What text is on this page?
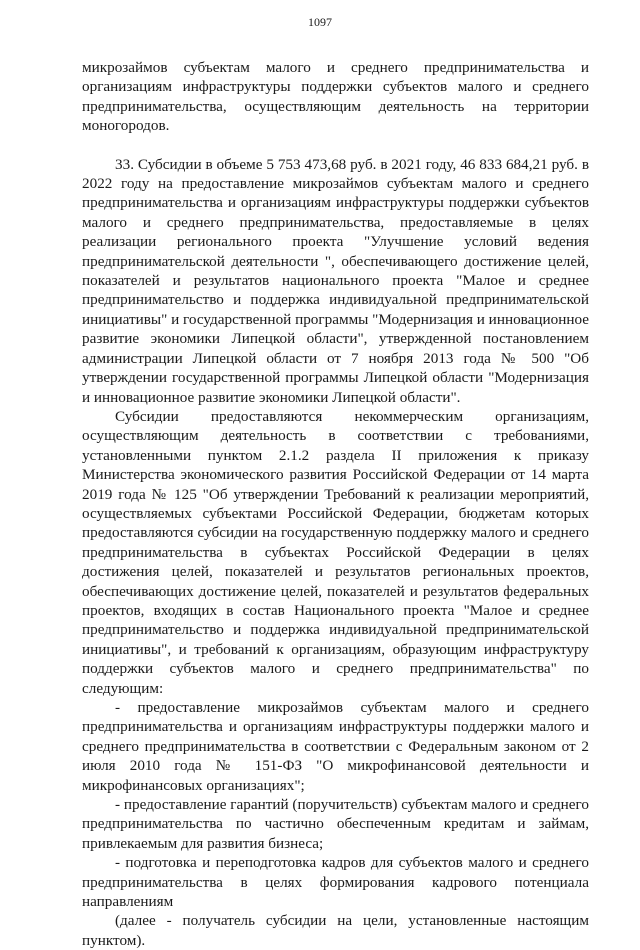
1097

микрозаймов субъектам малого и среднего предпринимательства и организациям инфраструктуры поддержки субъектов малого и среднего предпринимательства, осуществляющим деятельность на территории моногородов.

33. Субсидии в объеме 5 753 473,68 руб. в 2021 году, 46 833 684,21 руб. в 2022 году на предоставление микрозаймов субъектам малого и среднего предпринимательства и организациям инфраструктуры поддержки субъектов малого и среднего предпринимательства, предоставляемые в целях реализации регионального проекта "Улучшение условий ведения предпринимательской деятельности ", обеспечивающего достижение целей, показателей и результатов национального проекта "Малое и среднее предпринимательство и поддержка индивидуальной предпринимательской инициативы" и государственной программы "Модернизация и инновационное развитие экономики Липецкой области", утвержденной постановлением администрации Липецкой области от 7 ноября 2013 года № 500 "Об утверждении государственной программы Липецкой области "Модернизация и инновационное развитие экономики Липецкой области".

Субсидии предоставляются некоммерческим организациям, осуществляющим деятельность в соответствии с требованиями, установленными пунктом 2.1.2 раздела II приложения к приказу Министерства экономического развития Российской Федерации от 14 марта 2019 года № 125 "Об утверждении Требований к реализации мероприятий, осуществляемых субъектами Российской Федерации, бюджетам которых предоставляются субсидии на государственную поддержку малого и среднего предпринимательства в субъектах Российской Федерации в целях достижения целей, показателей и результатов региональных проектов, обеспечивающих достижение целей, показателей и результатов федеральных проектов, входящих в состав Национального проекта "Малое и среднее предпринимательство и поддержка индивидуальной предпринимательской инициативы", и требований к организациям, образующим инфраструктуру поддержки субъектов малого и среднего предпринимательства" по следующим:

- предоставление микрозаймов субъектам малого и среднего предпринимательства и организациям инфраструктуры поддержки малого и среднего предпринимательства в соответствии с Федеральным законом от 2 июля 2010 года № 151-ФЗ "О микрофинансовой деятельности и микрофинансовых организациях";

- предоставление гарантий (поручительств) субъектам малого и среднего предпринимательства по частично обеспеченным кредитам и займам, привлекаемым для развития бизнеса;

- подготовка и переподготовка кадров для субъектов малого и среднего предпринимательства в целях формирования кадрового потенциала направлениям

(далее - получатель субсидии на цели, установленные настоящим пунктом).
